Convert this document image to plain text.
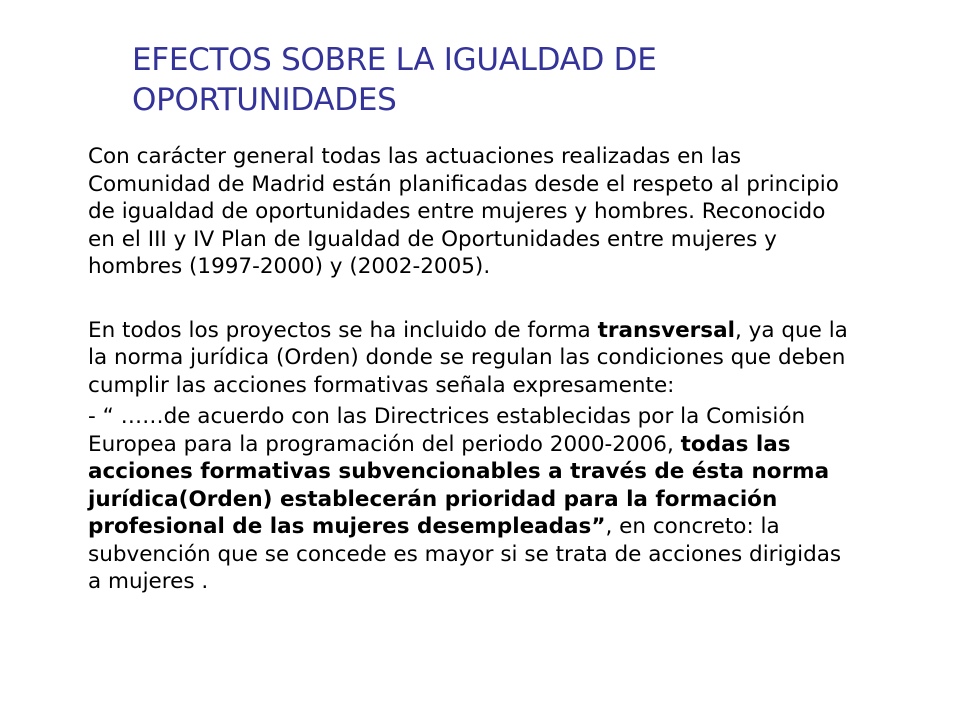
EFECTOS SOBRE LA IGUALDAD DE
OPORTUNIDADES

Con carácter general todas las actuaciones realizadas en las
Comunidad de Madrid están planificadas desde el respeto al principio
de igualdad de oportunidades entre mujeres y hombres. Reconocido
en el III y IV Plan de Igualdad de Oportunidades entre mujeres y
hombres (1997-2000) y (2002-2005).

En todos los proyectos se ha incluido de forma transversal, ya que la
la norma jurídica (Orden) donde se regulan las condiciones que deben
cumplir las acciones formativas señala expresamente:

- “ ……de acuerdo con las Directrices establecidas por la Comisión
Europea para la programación del periodo 2000-2006, todas las
acciones formativas subvencionables a través de ésta norma
jurídica(Orden) establecerán prioridad para la formación
profesional de las mujeres desempleadas”, en concreto: la
subvención que se concede es mayor si se trata de acciones dirigidas
a mujeres .
